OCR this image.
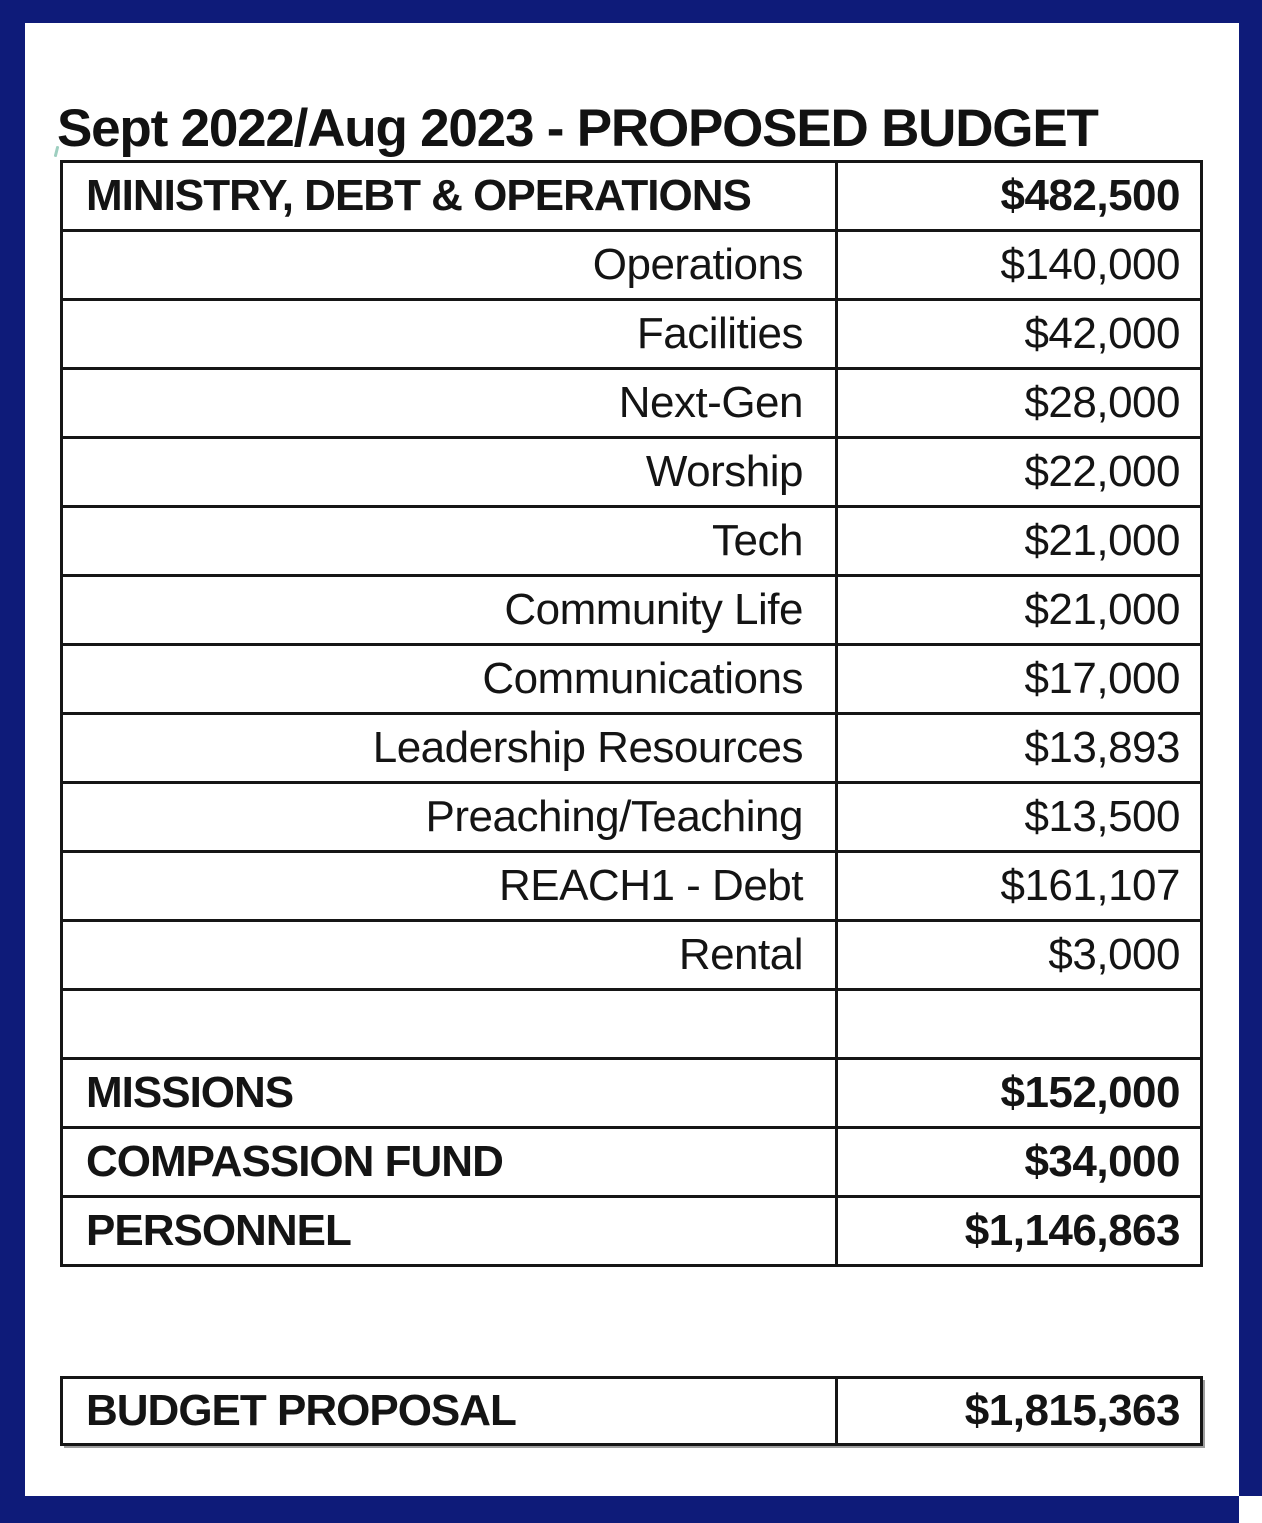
Sept 2022/Aug 2023 - PROPOSED BUDGET
MINISTRY, DEBT & OPERATIONS	$482,500
Operations	$140,000
Facilities	$42,000
Next-Gen	$28,000
Worship	$22,000
Tech	$21,000
Community Life	$21,000
Communications	$17,000
Leadership Resources	$13,893
Preaching/Teaching	$13,500
REACH1 - Debt	$161,107
Rental	$3,000

MISSIONS	$152,000
COMPASSION FUND	$34,000
PERSONNEL	$1,146,863
BUDGET PROPOSAL	$1,815,363
